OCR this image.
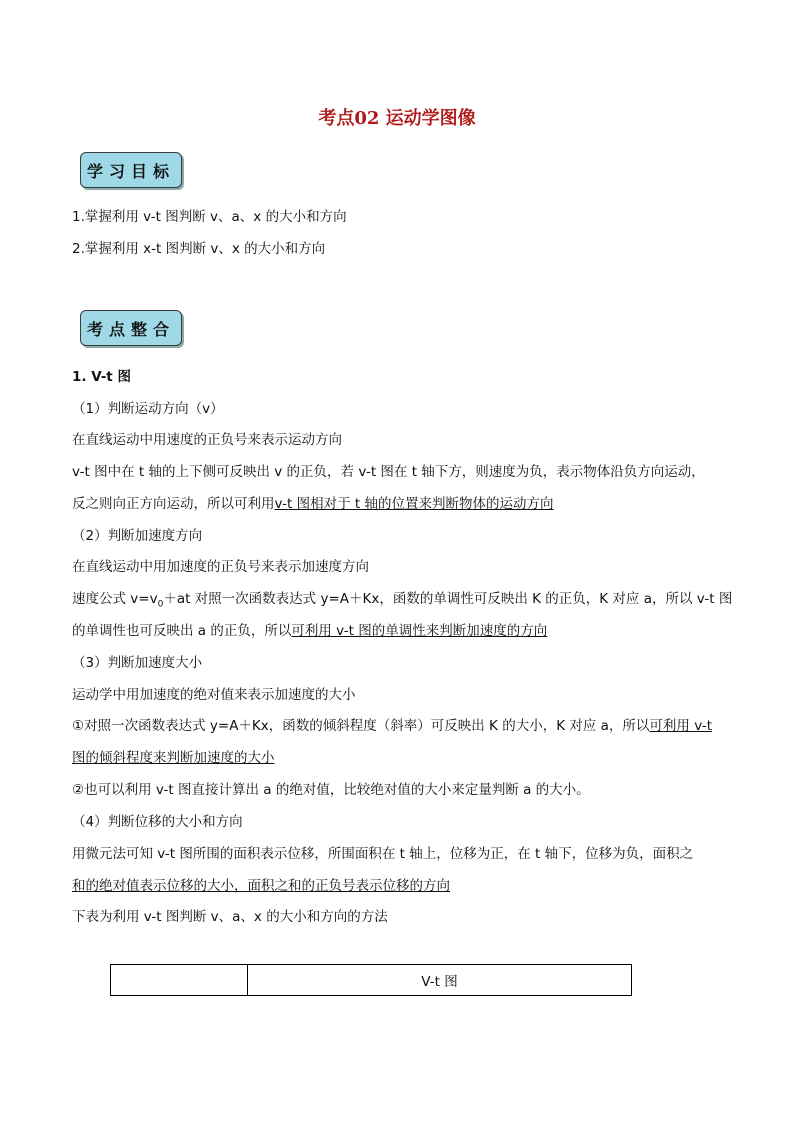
考点02 运动学图像
学习目标
1.掌握利用 v-t 图判断 v、a、x 的大小和方向
2.掌握利用 x-t 图判断 v、x 的大小和方向
考点整合
1. V-t 图
（1）判断运动方向（v）
在直线运动中用速度的正负号来表示运动方向
v-t 图中在 t 轴的上下侧可反映出 v 的正负，若 v-t 图在 t 轴下方，则速度为负，表示物体沿负方向运动，
反之则向正方向运动，所以可利用v-t 图相对于 t 轴的位置来判断物体的运动方向
（2）判断加速度方向
在直线运动中用加速度的正负号来表示加速度方向
速度公式 $v=v_0+at$ 对照一次函数表达式 y=A＋Kx，函数的单调性可反映出 K 的正负，K 对应 a，所以 v-t 图
的单调性也可反映出 a 的正负，所以可利用 v-t 图的单调性来判断加速度的方向
（3）判断加速度大小
运动学中用加速度的绝对值来表示加速度的大小
①对照一次函数表达式 y=A＋Kx，函数的倾斜程度（斜率）可反映出 K 的大小，K 对应 a，所以可利用 v-t
图的倾斜程度来判断加速度的大小
②也可以利用 v-t 图直接计算出 a 的绝对值，比较绝对值的大小来定量判断 a 的大小。
（4）判断位移的大小和方向
用微元法可知 v-t 图所围的面积表示位移，所围面积在 t 轴上，位移为正，在 t 轴下，位移为负，面积之
和的绝对值表示位移的大小，面积之和的正负号表示位移的方向
下表为利用 v-t 图判断 v、a、x 的大小和方向的方法
V-t 图
